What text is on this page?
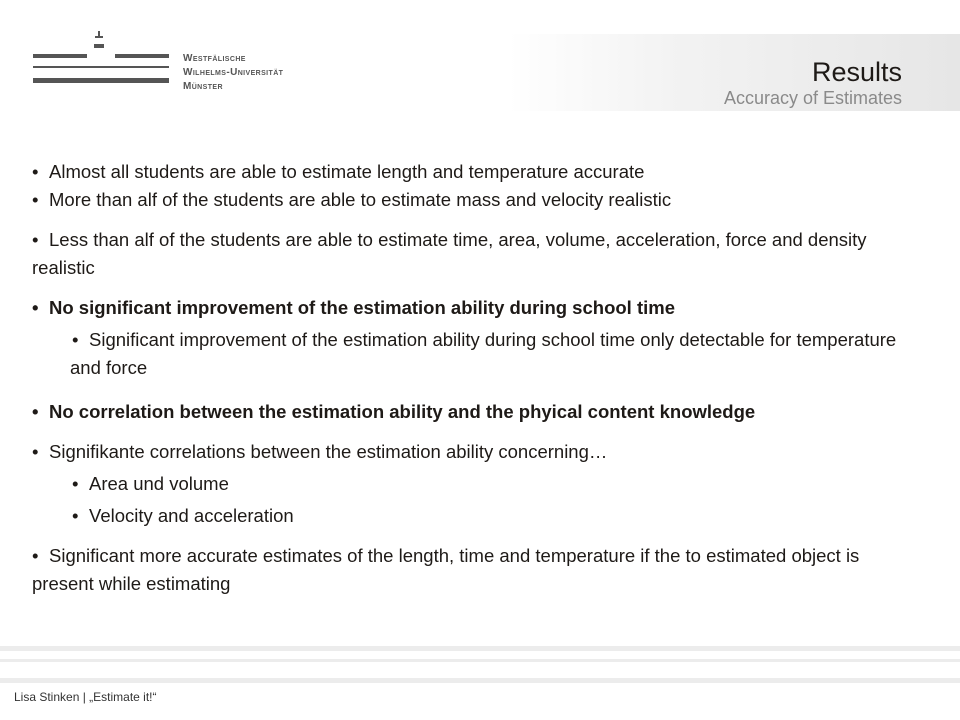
Westfälische
Wilhelms-Universität
Münster	Results
Accuracy of Estimates
• Almost all students are able to estimate length and temperature accurate
• More than alf of the students are able to estimate mass and velocity realistic
• Less than alf of the students are able to estimate time, area, volume, acceleration, force and density realistic
• No significant improvement of the estimation ability during school time
• Significant improvement of the estimation ability during school time only detectable for temperature and force
• No correlation between the estimation ability and the phyical content knowledge
• Signifikante correlations between the estimation ability concerning…
• Area und volume
• Velocity and acceleration
• Significant more accurate estimates of the length, time and temperature if the to estimated object is present while estimating
Lisa Stinken | „Estimate it!“
